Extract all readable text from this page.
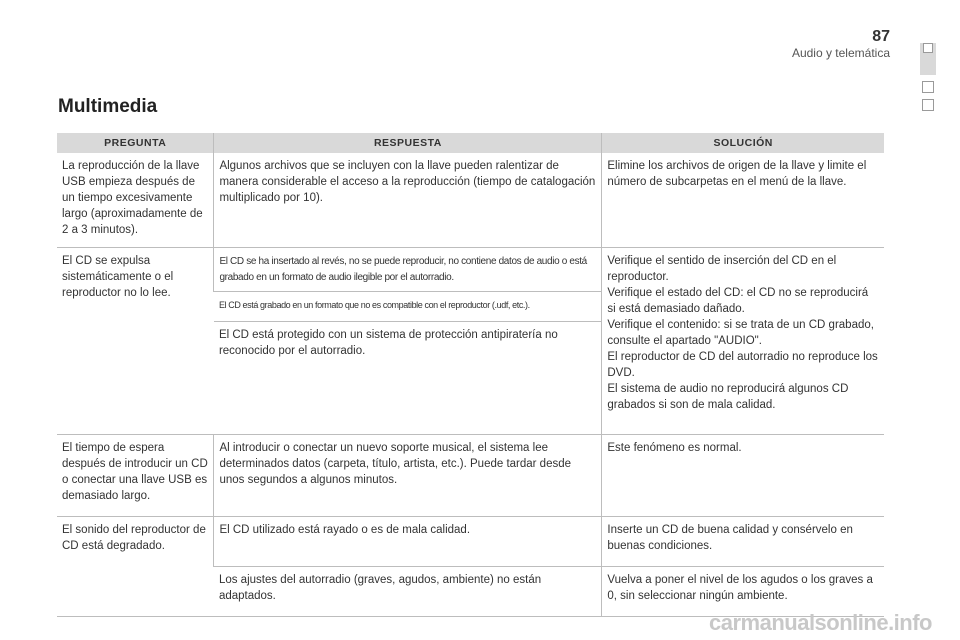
87
Audio y telemática
Multimedia
PREGUNTA	RESPUESTA	SOLUCIÓN
La reproducción de la llave USB empieza después de un tiempo excesivamente largo (aproximadamente de 2 a 3 minutos).	Algunos archivos que se incluyen con la llave pueden ralentizar de manera considerable el acceso a la reproducción (tiempo de catalogación multiplicado por 10).	Elimine los archivos de origen de la llave y limite el número de subcarpetas en el menú de la llave.
El CD se expulsa sistemáticamente o el reproductor no lo lee.	El CD se ha insertado al revés, no se puede reproducir, no contiene datos de audio o está grabado en un formato de audio ilegible por el autorradio.	Verifique el sentido de inserción del CD en el reproductor.
Verifique el estado del CD: el CD no se reproducirá si está demasiado dañado.
Verifique el contenido: si se trata de un CD grabado, consulte el apartado "AUDIO".
El reproductor de CD del autorradio no reproduce los DVD.
El sistema de audio no reproducirá algunos CD grabados si son de mala calidad.

	El CD está grabado en un formato que no es compatible con el reproductor (.udf, etc.).	
	El CD está protegido con un sistema de protección antipiratería no reconocido por el autorradio.	
El tiempo de espera después de introducir un CD o conectar una llave USB es demasiado largo.	Al introducir o conectar un nuevo soporte musical, el sistema lee determinados datos (carpeta, título, artista, etc.). Puede tardar desde unos segundos a algunos minutos.	Este fenómeno es normal.
El sonido del reproductor de CD está degradado.	El CD utilizado está rayado o es de mala calidad.	Inserte un CD de buena calidad y consérvelo en buenas condiciones.
	Los ajustes del autorradio (graves, agudos, ambiente) no están adaptados.	Vuelva a poner el nivel de los agudos o los graves a 0, sin seleccionar ningún ambiente.
carmanualsonline.info
